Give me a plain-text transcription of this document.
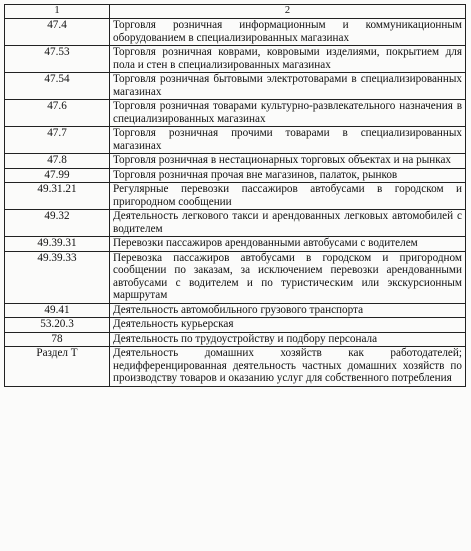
1	2
47.4	Торговля розничная информационным и коммуникационным оборудованием в специализированных магазинах
47.53	Торговля розничная коврами, ковровыми изделиями, покрытием для пола и стен в специализированных магазинах
47.54	Торговля розничная бытовыми электротоварами в специализированных магазинах
47.6	Торговля розничная товарами культурно-развлекательного назначения в специализированных магазинах
47.7	Торговля розничная прочими товарами в специализированных магазинах
47.8	Торговля розничная в нестационарных торговых объектах и на рынках
47.99	Торговля розничная прочая вне магазинов, палаток, рынков
49.31.21	Регулярные перевозки пассажиров автобусами в городском и пригородном сообщении
49.32	Деятельность легкового такси и арендованных легковых автомобилей с водителем
49.39.31	Перевозки пассажиров арендованными автобусами с водителем
49.39.33	Перевозка пассажиров автобусами в городском и пригородном сообщении по заказам, за исключением перевозки арендованными автобусами с водителем и по туристическим или экскурсионным маршрутам
49.41	Деятельность автомобильного грузового транспорта
53.20.3	Деятельность курьерская
78	Деятельность по трудоустройству и подбору персонала
Раздел Т	Деятельность домашних хозяйств как работодателей; недифференцированная деятельность частных домашних хозяйств по производству товаров и оказанию услуг для собственного потребления
